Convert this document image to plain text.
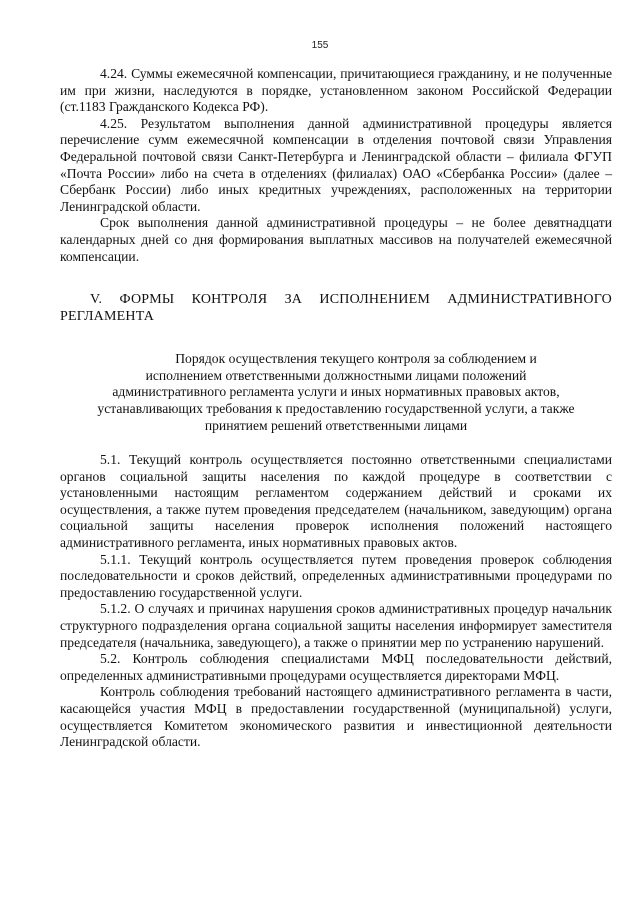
155

4.24. Суммы ежемесячной компенсации, причитающиеся гражданину, и не полученные им при жизни, наследуются в порядке, установленном законом Российской Федерации (ст.1183 Гражданского Кодекса РФ).

4.25. Результатом выполнения данной административной процедуры является перечисление сумм ежемесячной компенсации в отделения почтовой связи Управления Федеральной почтовой связи Санкт-Петербурга и Ленинградской области – филиала ФГУП «Почта России» либо на счета в отделениях (филиалах) ОАО «Сбербанка России» (далее – Сбербанк России) либо иных кредитных учреждениях, расположенных на территории Ленинградской области.

Срок выполнения данной административной процедуры – не более девятнадцати календарных дней со дня формирования выплатных массивов на получателей ежемесячной компенсации.

V. ФОРМЫ КОНТРОЛЯ ЗА ИСПОЛНЕНИЕМ АДМИНИСТРАТИВНОГО РЕГЛАМЕНТА

Порядок осуществления текущего контроля за соблюдением и
исполнением ответственными должностными лицами положений
административного регламента услуги и иных нормативных правовых актов,
устанавливающих требования к предоставлению государственной услуги, а также
принятием решений ответственными лицами

5.1. Текущий контроль осуществляется постоянно ответственными специалистами органов социальной защиты населения по каждой процедуре в соответствии с установленными настоящим регламентом содержанием действий и сроками их осуществления, а также путем проведения председателем (начальником, заведующим) органа социальной защиты населения проверок исполнения положений настоящего административного регламента, иных нормативных правовых актов.

5.1.1. Текущий контроль осуществляется путем проведения проверок соблюдения последовательности и сроков действий, определенных административными процедурами по предоставлению государственной услуги.

5.1.2. О случаях и причинах нарушения сроков административных процедур начальник структурного подразделения органа социальной защиты населения информирует заместителя председателя (начальника, заведующего), а также о принятии мер по устранению нарушений.

5.2. Контроль соблюдения специалистами МФЦ последовательности действий, определенных административными процедурами осуществляется директорами МФЦ.

Контроль соблюдения требований настоящего административного регламента в части, касающейся участия МФЦ в предоставлении государственной (муниципальной) услуги, осуществляется Комитетом экономического развития и инвестиционной деятельности Ленинградской области.
